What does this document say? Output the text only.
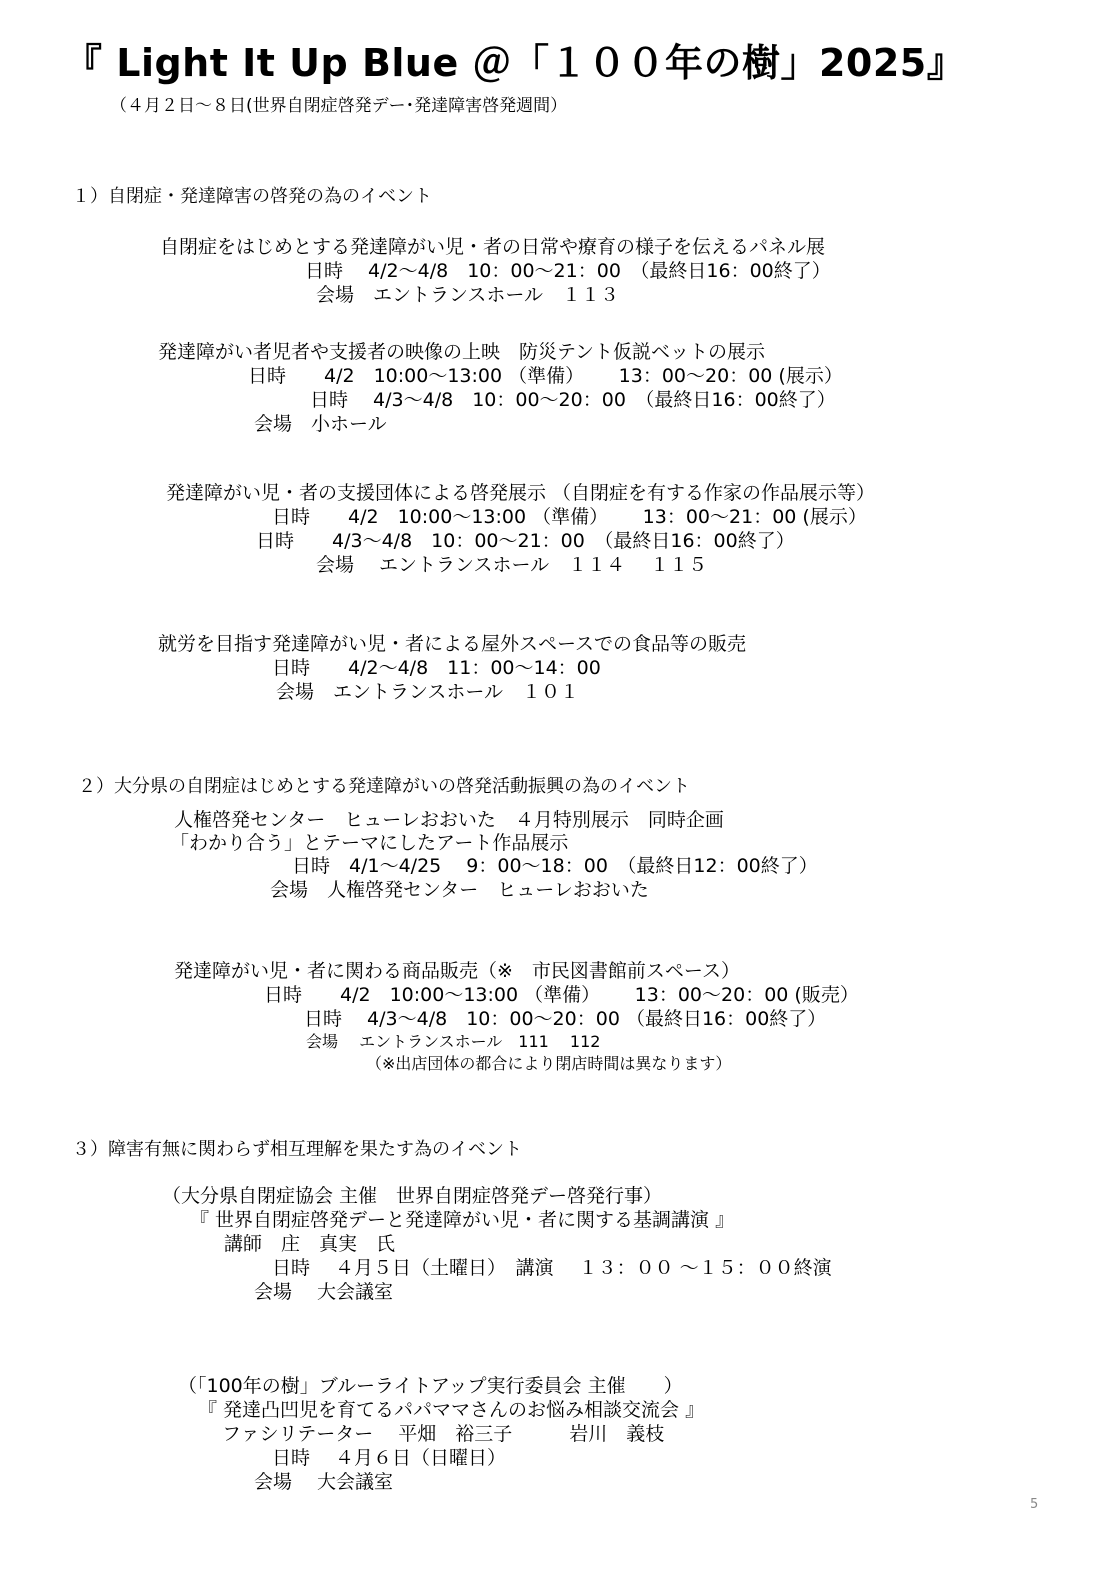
『 Light It Up Blue ＠「１００年の樹」2025』
（４月２日～８日(世界自閉症啓発デー･発達障害啓発週間）
１）自閉症・発達障害の啓発の為のイベント
自閉症をはじめとする発達障がい児・者の日常や療育の様子を伝えるパネル展
日時　 4/2～4/8　10：00～21：00　（最終日16：00終了）
会場　エントランスホール　１１３
発達障がい者児者や支援者の映像の上映　防災テント仮説ベットの展示
日時　　4/2　10:00～13:00 （準備）　　 13：00～20：00 (展示）
日時　 4/3～4/8　10：00～20：00　（最終日16：00終了）
会場　小ホール
発達障がい児・者の支援団体による啓発展示 （自閉症を有する作家の作品展示等）
日時　　4/2　10:00～13:00 （準備）　　 13：00～21：00 (展示）
日時　　4/3～4/8　10：00～21：00　（最終日16：00終了）
会場　 エントランスホール　１１４　 １１５
就労を目指す発達障がい児・者による屋外スペースでの食品等の販売
日時　　4/2～4/8　11：00～14：00
会場　エントランスホール　１０１
２）大分県の自閉症はじめとする発達障がいの啓発活動振興の為のイベント
人権啓発センター　ヒューレおおいた　４月特別展示　同時企画
「わかり合う」とテーマにしたアート作品展示
日時　4/1～4/25　 9：00～18：00　（最終日12：00終了）
会場　人権啓発センター　ヒューレおおいた
発達障がい児・者に関わる商品販売（※　市民図書館前スペース）
日時　　4/2　10:00～13:00 （準備）　　 13：00～20：00 (販売）
日時　 4/3～4/8　10：00～20：00 （最終日16：00終了）
会場　 エントランスホール　111　 112
（※出店団体の都合により閉店時間は異なります）
３）障害有無に関わらず相互理解を果たす為のイベント
（大分県自閉症協会 主催　世界自閉症啓発デー啓発行事）
『 世界自閉症啓発デーと発達障がい児・者に関する基調講演 』
講師　庄　真実　氏
日時　 ４月５日（土曜日）　講演　 １３：００ ～１５：００終演
会場　 大会議室
（「100年の樹」ブルーライトアップ実行委員会 主催　　）
『 発達凸凹児を育てるパパママさんのお悩み相談交流会 』
ファシリテーター　 平畑　裕三子　　　岩川　義枝
日時　 ４月６日（日曜日）
会場　 大会議室
5
